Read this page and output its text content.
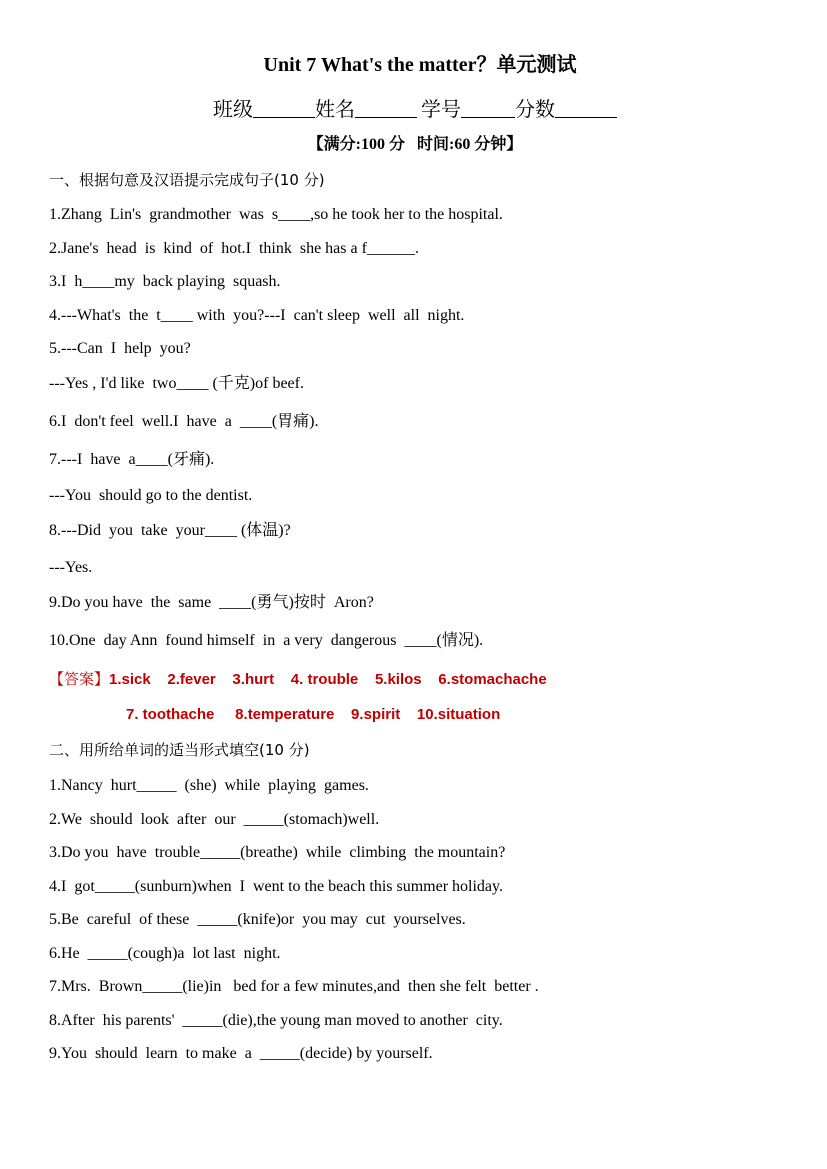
Unit 7 What's the matter？单元测试
班级	姓名	学号	分数
【满分:100 分   时间:60 分钟】
一、根据句意及汉语提示完成句子(10 分)
1.Zhang  Lin's  grandmother  was  s____,so he took her to the hospital.
2.Jane's  head  is  kind  of  hot.I  think  she has a f______.
3.I  h____my  back playing  squash.
4.---What's  the  t____ with  you?---I  can't sleep  well  all  night.
5.---Can  I  help  you?
---Yes , I'd like  two____ (千克)of beef.
6.I  don't feel  well.I  have  a  ____(胃痛).
7.---I  have  a____(牙痛).
---You  should go to the dentist.
8.---Did  you  take  your____ (体温)?
---Yes.
9.Do you have  the  same  ____(勇气)按时  Aron?
10.One  day Ann  found himself  in  a very  dangerous  ____(情况).
【答案】1.sick    2.fever    3.hurt    4. trouble    5.kilos    6.stomachache
7. toothache     8.temperature    9.spirit    10.situation
二、用所给单词的适当形式填空(10 分)
1.Nancy  hurt_____  (she)  while  playing  games.
2.We  should  look  after  our  _____(stomach)well.
3.Do you  have  trouble_____(breathe)  while  climbing  the mountain?
4.I  got_____(sunburn)when  I  went to the beach this summer holiday.
5.Be  careful  of these  _____(knife)or  you may  cut  yourselves.
6.He  _____(cough)a  lot last  night.
7.Mrs.  Brown_____(lie)in   bed for a few minutes,and  then she felt  better .
8.After  his parents'  _____(die),the young man moved to another  city.
9.You  should  learn  to make  a  _____(decide) by yourself.
